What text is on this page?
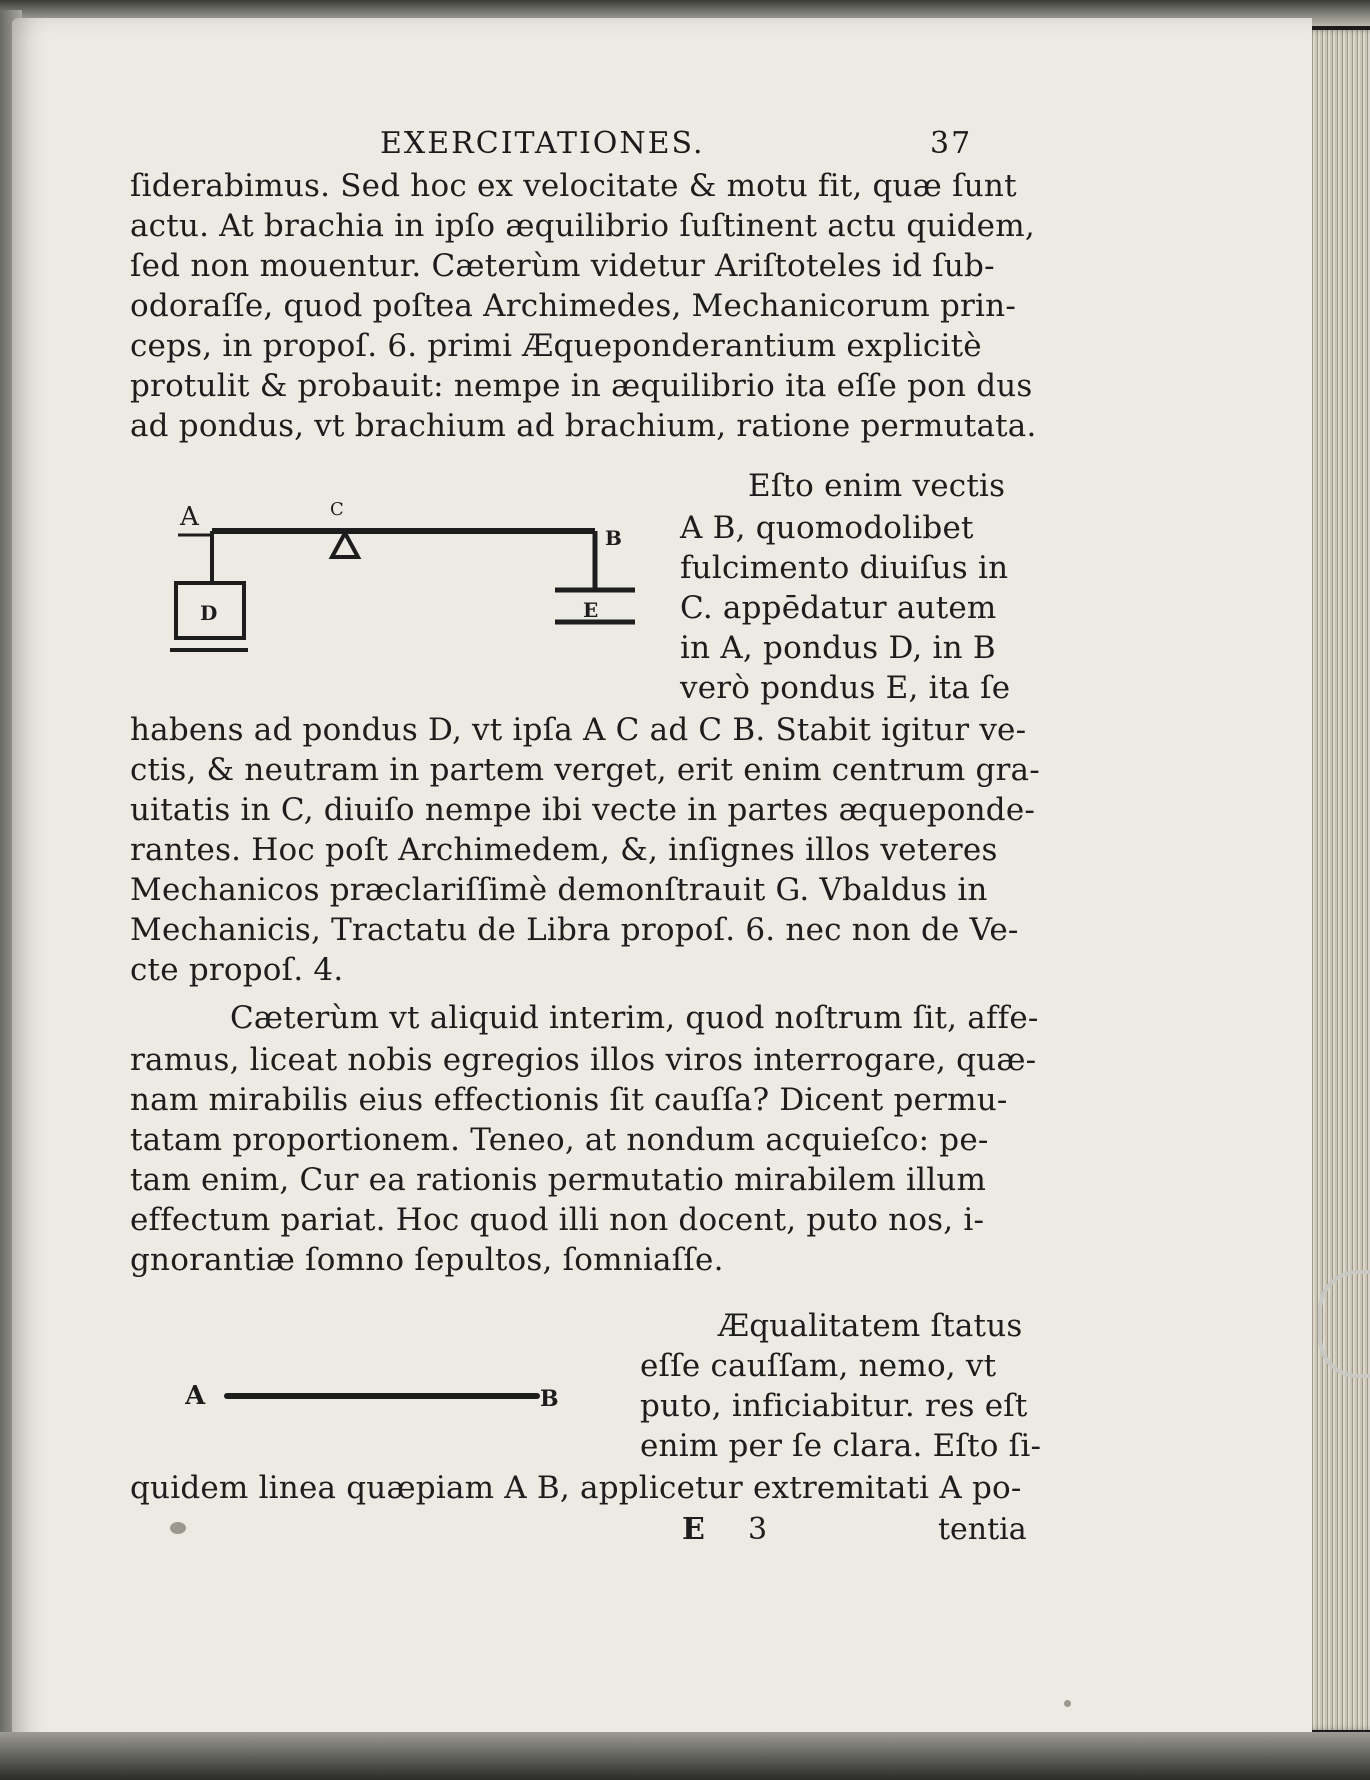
EXERCITATIONES.	37
ſiderabimus. Sed hoc ex velocitate & motu fit, quæ ſunt
actu. At brachia in ipſo æquilibrio ſuſtinent actu quidem,
ſed non mouentur. Cæterùm videtur Ariſtoteles id ſub-
odoraſſe, quod poſtea Archimedes, Mechanicorum prin-
ceps, in propoſ. 6. primi Æqueponderantium explicitè
protulit & probauit: nempe in æquilibrio ita eſſe pon dus
ad pondus, vt brachium ad brachium, ratione permutata.
A	C
B
D	E
Eſto enim vectis
A B, quomodolibet
fulcimento diuiſus in
C. appēdatur autem
in A, pondus D, in B
verò pondus E, ita ſe
habens ad pondus D, vt ipſa A C ad C B. Stabit igitur ve-
ctis, & neutram in partem verget, erit enim centrum gra-
uitatis in C, diuiſo nempe ibi vecte in partes æqueponde-
rantes. Hoc poſt Archimedem, &, inſignes illos veteres
Mechanicos præclariſſimè demonſtrauit G. Vbaldus in
Mechanicis, Tractatu de Libra propoſ. 6. nec non de Ve-
cte propoſ. 4.
Cæterùm vt aliquid interim, quod noſtrum ſit, affe-
ramus, liceat nobis egregios illos viros interrogare, quæ-
nam mirabilis eius effectionis ſit cauſſa? Dicent permu-
tatam proportionem. Teneo, at nondum acquieſco: pe-
tam enim, Cur ea rationis permutatio mirabilem illum
effectum pariat. Hoc quod illi non docent, puto nos, i-
gnorantiæ ſomno ſepultos, ſomniaſſe.
A	B
Æqualitatem ſtatus
eſſe cauſſam, nemo, vt
puto, inficiabitur. res eſt
enim per ſe clara. Eſto ſi-
quidem linea quæpiam A B, applicetur extremitati A po-
E 3	tentia
